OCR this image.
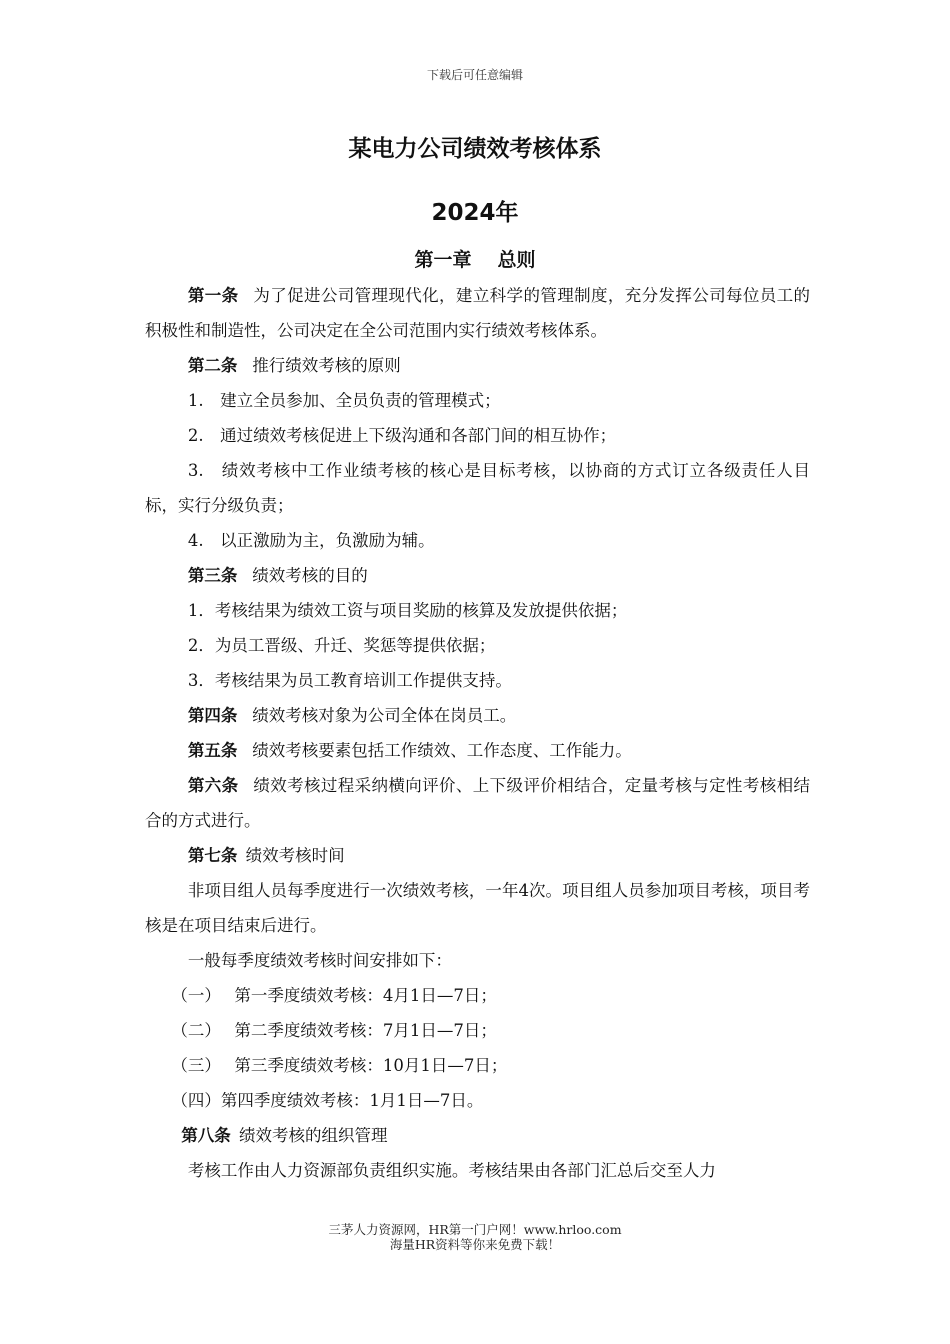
下载后可任意编辑
某电力公司绩效考核体系
2024年
第一章 总则

第一条 为了促进公司管理现代化，建立科学的管理制度，充分发挥公司每位员工的积极性和制造性，公司决定在全公司范围内实行绩效考核体系。

第二条 推行绩效考核的原则

1.　建立全员参加、全员负责的管理模式；

2.　通过绩效考核促进上下级沟通和各部门间的相互协作；

3.　绩效考核中工作业绩考核的核心是目标考核，以协商的方式订立各级责任人目标，实行分级负责；

4.　以正激励为主，负激励为辅。

第三条 绩效考核的目的

1．考核结果为绩效工资与项目奖励的核算及发放提供依据；

2．为员工晋级、升迁、奖惩等提供依据；

3．考核结果为员工教育培训工作提供支持。

第四条 绩效考核对象为公司全体在岗员工。

第五条 绩效考核要素包括工作绩效、工作态度、工作能力。

第六条 绩效考核过程采纳横向评价、上下级评价相结合，定量考核与定性考核相结合的方式进行。

第七条 绩效考核时间

非项目组人员每季度进行一次绩效考核，一年4次。项目组人员参加项目考核，项目考核是在项目结束后进行。

一般每季度绩效考核时间安排如下：

（一）　 第一季度绩效考核：4月1日—7日；

（二）　 第二季度绩效考核：7月1日—7日；

（三）　 第三季度绩效考核：10月1日—7日；

（四）第四季度绩效考核：1月1日—7日。

第八条 绩效考核的组织管理

考核工作由人力资源部负责组织实施。考核结果由各部门汇总后交至人力

三茅人力资源网，HR第一门户网！www.hrloo.com
海量HR资料等你来免费下载！
